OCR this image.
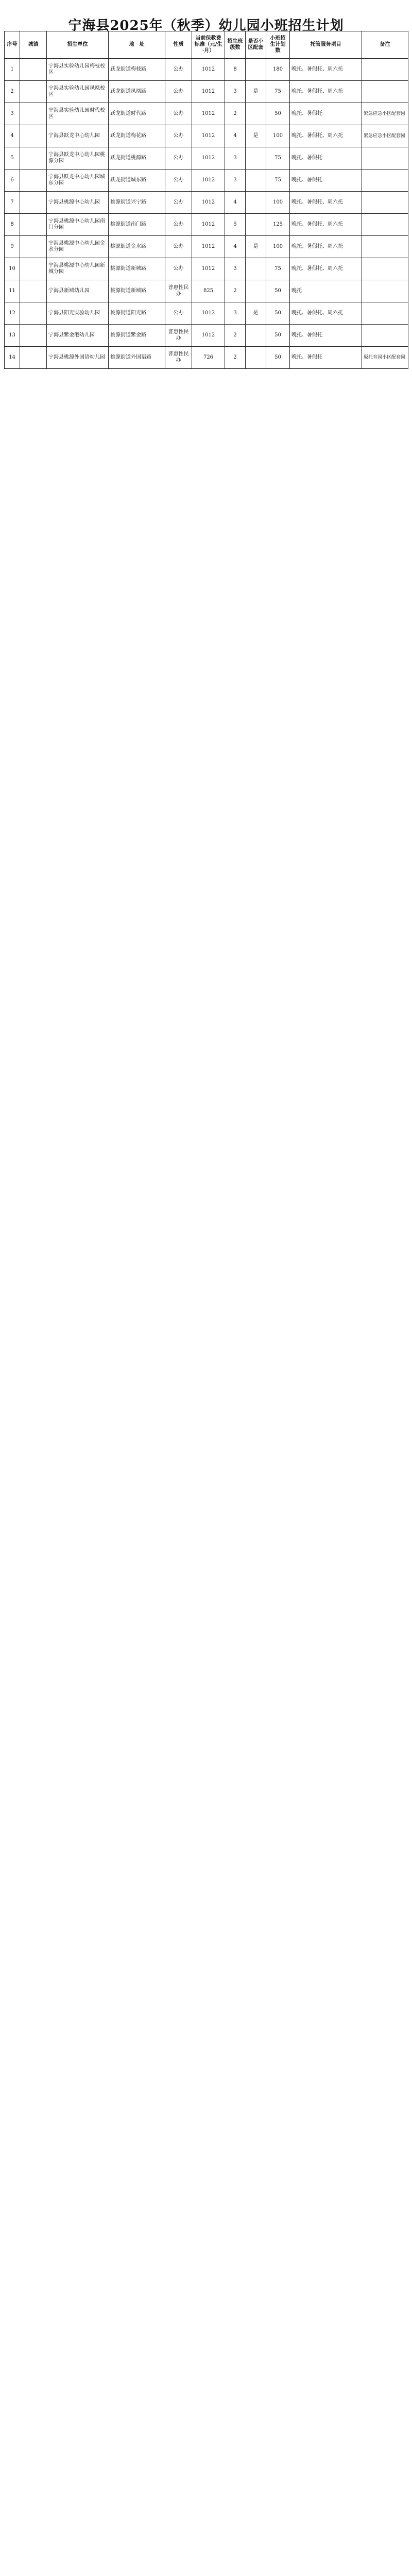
宁海县2025年（秋季）幼儿园小班招生计划
序号	城镇	招生单位	地　址	性质	当前保教费标准（元/生·月）	招生班级数	是否小区配套	小班招生计划数	托管服务项目	备注
1		宁海县实验幼儿园梅枝校区	跃龙街道梅枝路	公办	1012	8		180	晚托、暑假托、周六托	
2		宁海县实验幼儿园凤凰校区	跃龙街道凤凰路	公办	1012	3	是	75	晚托、暑假托、周六托	
3		宁海县实验幼儿园时代校区	跃龙街道时代路	公办	1012	2		50	晚托、暑假托	紧急应急小区配套园
4		宁海县跃龙中心幼儿园	跃龙街道梅花路	公办	1012	4	是	100	晚托、暑假托、周六托	紧急应急小区配套园
5		宁海县跃龙中心幼儿园桃源分园	跃龙街道桃源路	公办	1012	3		75	晚托、暑假托	
6		宁海县跃龙中心幼儿园城东分园	跃龙街道城东路	公办	1012	3		75	晚托、暑假托	
7		宁海县桃源中心幼儿园	桃源街道兴宁路	公办	1012	4		100	晚托、暑假托、周六托	
8		宁海县桃源中心幼儿园南门分园	桃源街道南门路	公办	1012	5		125	晚托、暑假托、周六托	
9		宁海县桃源中心幼儿园金水分园	桃源街道金水路	公办	1012	4	是	100	晚托、暑假托、周六托	
10		宁海县桃源中心幼儿园新城分园	桃源街道新城路	公办	1012	3		75	晚托、暑假托、周六托	
11		宁海县新城幼儿园	桃源街道新城路	普惠性民办	825	2		50	晚托	
12		宁海县阳光实验幼儿园	桃源街道阳光路	公办	1012	3	是	50	晚托、暑假托、周六托	
13		宁海县紫金港幼儿园	桃源街道紫金路	普惠性民办	1012	2		50	晚托、暑假托	
14		宁海县桃源外国语幼儿园	桃源街道外国语路	普惠性民办	726	2		50	晚托、暑假托	原托育园小区配套园
